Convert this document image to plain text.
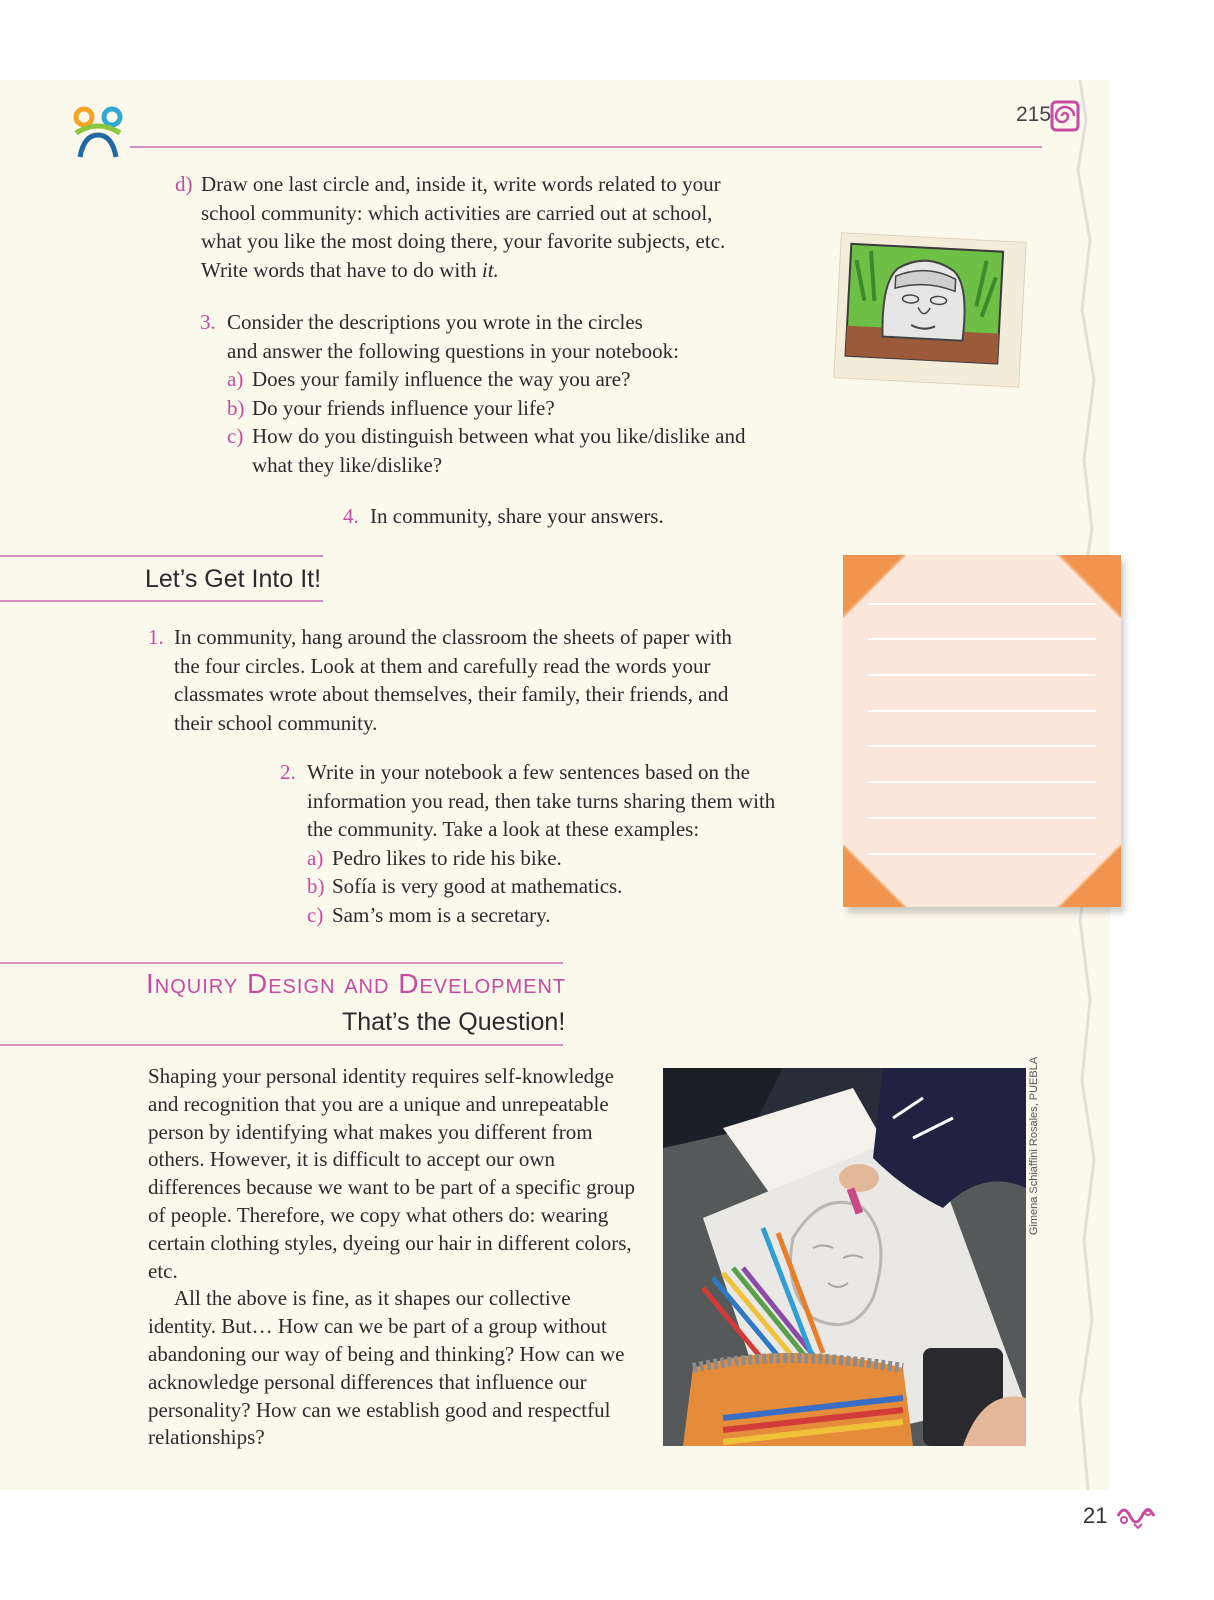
215
d) Draw one last circle and, inside it, write words related to your school community: which activities are carried out at school, what you like the most doing there, your favorite subjects, etc. Write words that have to do with it.
3. Consider the descriptions you wrote in the circles
and answer the following questions in your notebook:
a) Does your family influence the way you are?
b) Do your friends influence your life?
c) How do you distinguish between what you like/dislike and what they like/dislike?
4. In community, share your answers.
Let’s Get Into It!
1. In community, hang around the classroom the sheets of paper with the four circles. Look at them and carefully read the words your classmates wrote about themselves, their family, their friends, and their school community.
2. Write in your notebook a few sentences based on the information you read, then take turns sharing them with the community. Take a look at these examples:
a) Pedro likes to ride his bike.
b) Sofía is very good at mathematics.
c) Sam’s mom is a secretary.
Inquiry Design and Development
That’s the Question!
Shaping your personal identity requires self-knowledge and recognition that you are a unique and unrepeatable person by identifying what makes you different from others. However, it is difficult to accept our own differences because we want to be part of a specific group of people. Therefore, we copy what others do: wearing certain clothing styles, dyeing our hair in different colors, etc.
All the above is fine, as it shapes our collective identity. But… How can we be part of a group without abandoning our way of being and thinking? How can we acknowledge personal differences that influence our personality? How can we establish good and respectful relationships?
Gimena Schiaffini Rosales, PUEBLA
21
